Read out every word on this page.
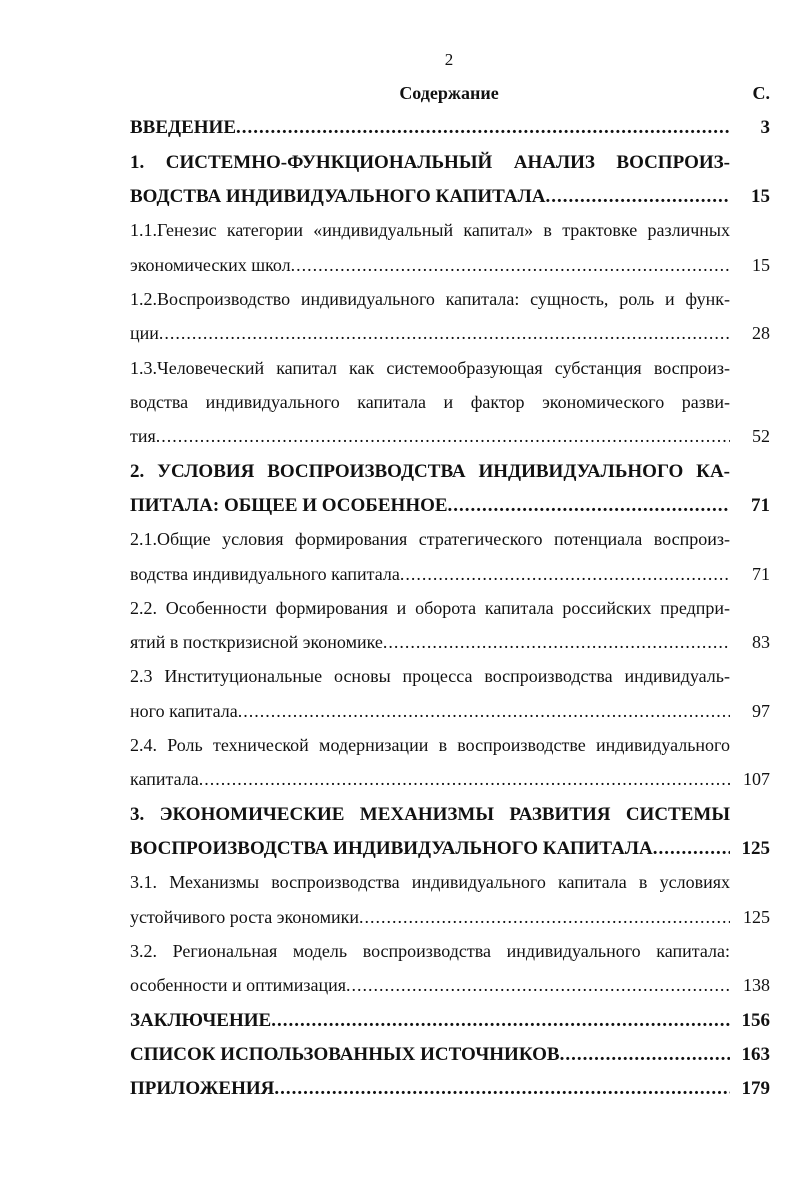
2
Содержание	С.
ВВЕДЕНИЕ .....	3
1. СИСТЕМНО-ФУНКЦИОНАЛЬНЫЙ АНАЛИЗ ВОСПРОИЗ-
ВОДСТВА ИНДИВИДУАЛЬНОГО КАПИТАЛА .....	15
1.1.Генезис категории «индивидуальный капитал» в трактовке различных
экономических школ .....	15
1.2.Воспроизводство индивидуального капитала: сущность, роль и функ-
ции .....	28
1.3.Человеческий капитал как системообразующая субстанция воспроиз-
водства индивидуального капитала и фактор экономического разви-
тия .....	52
2. УСЛОВИЯ ВОСПРОИЗВОДСТВА ИНДИВИДУАЛЬНОГО КА-
ПИТАЛА: ОБЩЕЕ И ОСОБЕННОЕ .....	71
2.1.Общие условия формирования стратегического потенциала воспроиз-
водства индивидуального капитала .....	71
2.2. Особенности формирования и оборота капитала российских предпри-
ятий в посткризисной экономике .....	83
2.3 Институциональные основы процесса воспроизводства индивидуаль-
ного капитала .....	97
2.4. Роль технической модернизации в воспроизводстве индивидуального
капитала .....	107
3. ЭКОНОМИЧЕСКИЕ МЕХАНИЗМЫ РАЗВИТИЯ СИСТЕМЫ
ВОСПРОИЗВОДСТВА ИНДИВИДУАЛЬНОГО КАПИТАЛА .....	125
3.1. Механизмы воспроизводства индивидуального капитала в условиях
устойчивого роста экономики .....	125
3.2. Региональная модель воспроизводства индивидуального капитала:
особенности и оптимизация .....	138
ЗАКЛЮЧЕНИЕ .....	156
СПИСОК ИСПОЛЬЗОВАННЫХ ИСТОЧНИКОВ .....	163
ПРИЛОЖЕНИЯ .....	179
